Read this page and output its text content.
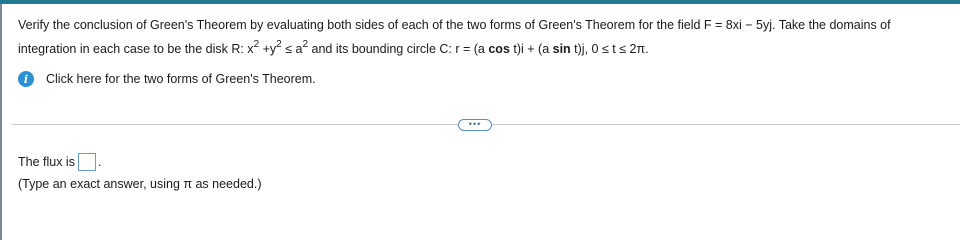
Verify the conclusion of Green's Theorem by evaluating both sides of each of the two forms of Green's Theorem for the field F = 8xi − 5yj. Take the domains of
integration in each case to be the disk R: $x^2 +y^2 \le a^2$ and its bounding circle C: r = (a cos t)i + (a sin t)j, 0 ≤ t ≤ 2π.
i	Click here for the two forms of Green's Theorem.
•••
The flux is .
(Type an exact answer, using π as needed.)
